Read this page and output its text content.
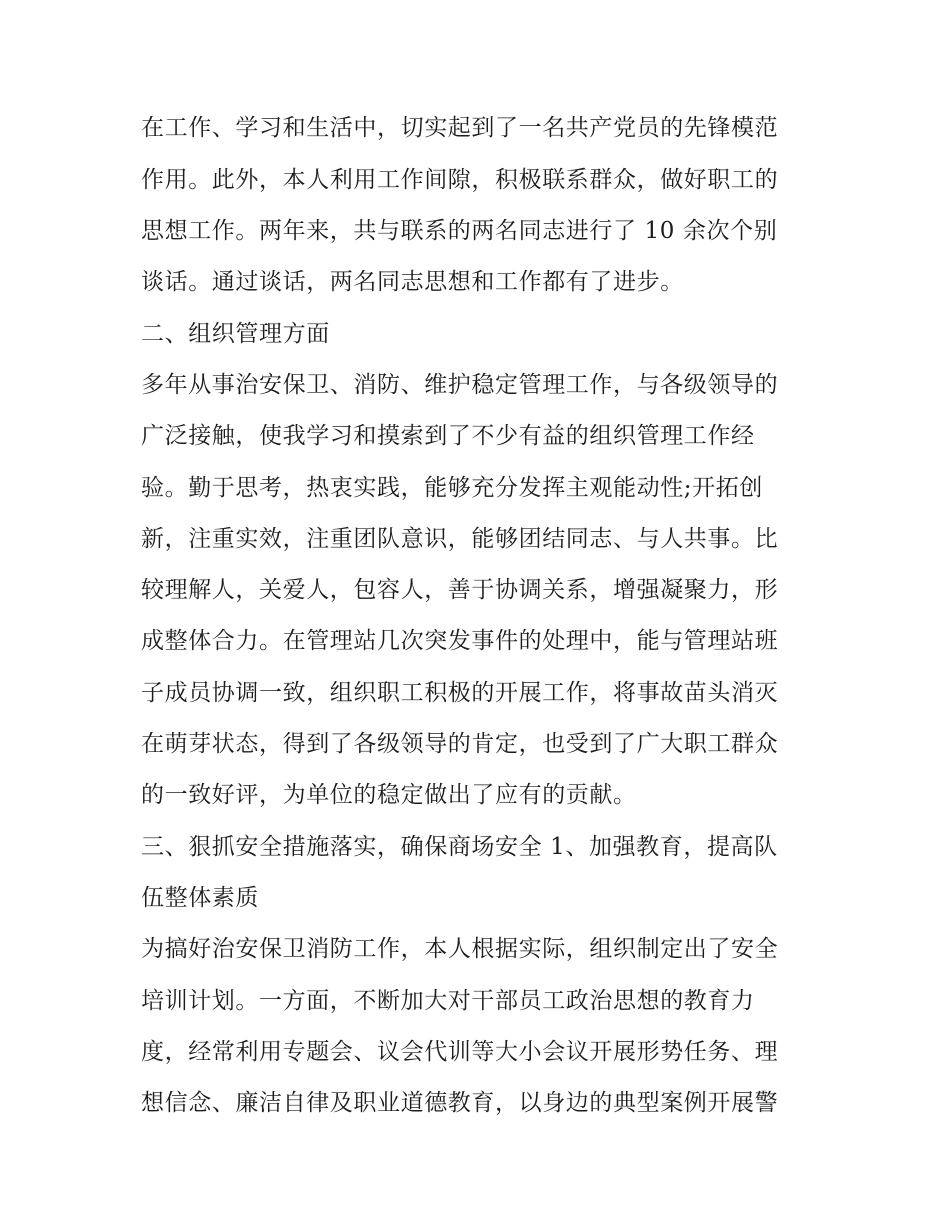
在工作、学习和生活中，切实起到了一名共产党员的先锋模范
作用。此外，本人利用工作间隙，积极联系群众，做好职工的
思想工作。两年来，共与联系的两名同志进行了 10 余次个别
谈话。通过谈话，两名同志思想和工作都有了进步。
二、组织管理方面
多年从事治安保卫、消防、维护稳定管理工作，与各级领导的
广泛接触，使我学习和摸索到了不少有益的组织管理工作经
验。勤于思考，热衷实践，能够充分发挥主观能动性;开拓创
新，注重实效，注重团队意识，能够团结同志、与人共事。比
较理解人，关爱人，包容人，善于协调关系，增强凝聚力，形
成整体合力。在管理站几次突发事件的处理中，能与管理站班
子成员协调一致，组织职工积极的开展工作，将事故苗头消灭
在萌芽状态，得到了各级领导的肯定，也受到了广大职工群众
的一致好评，为单位的稳定做出了应有的贡献。
三、狠抓安全措施落实，确保商场安全 1、加强教育，提高队
伍整体素质
为搞好治安保卫消防工作，本人根据实际，组织制定出了安全
培训计划。一方面，不断加大对干部员工政治思想的教育力
度，经常利用专题会、议会代训等大小会议开展形势任务、理
想信念、廉洁自律及职业道德教育，以身边的典型案例开展警
